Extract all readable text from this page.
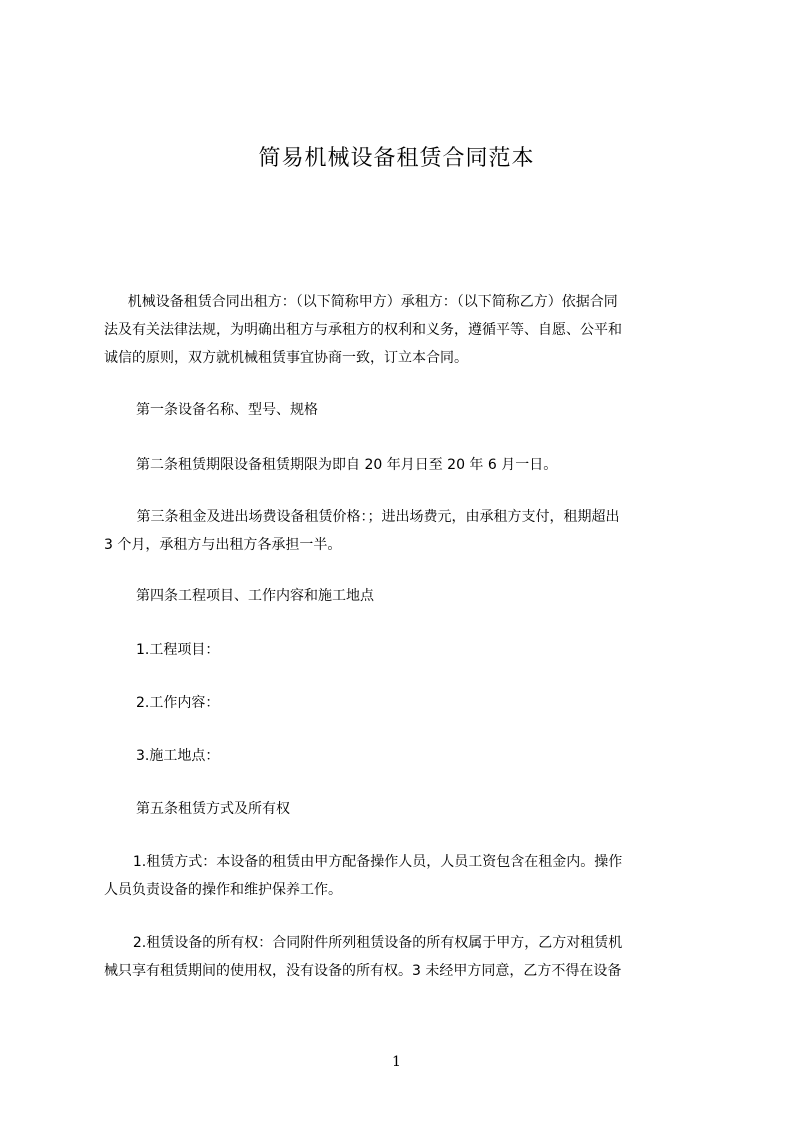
简易机械设备租赁合同范本
机械设备租赁合同出租方：（以下简称甲方）承租方：（以下简称乙方）依据合同
法及有关法律法规，为明确出租方与承租方的权利和义务，遵循平等、自愿、公平和
诚信的原则，双方就机械租赁事宜协商一致，订立本合同。
第一条设备名称、型号、规格
第二条租赁期限设备租赁期限为即自 20 年月日至 20 年 6 月一日。
第三条租金及进出场费设备租赁价格：；进出场费元，由承租方支付，租期超出
3 个月，承租方与出租方各承担一半。
第四条工程项目、工作内容和施工地点
1.工程项目：
2.工作内容：
3.施工地点：
第五条租赁方式及所有权
1.租赁方式：本设备的租赁由甲方配备操作人员，人员工资包含在租金内。操作
人员负责设备的操作和维护保养工作。
2.租赁设备的所有权：合同附件所列租赁设备的所有权属于甲方，乙方对租赁机
械只享有租赁期间的使用权，没有设备的所有权。3 未经甲方同意，乙方不得在设备
1
